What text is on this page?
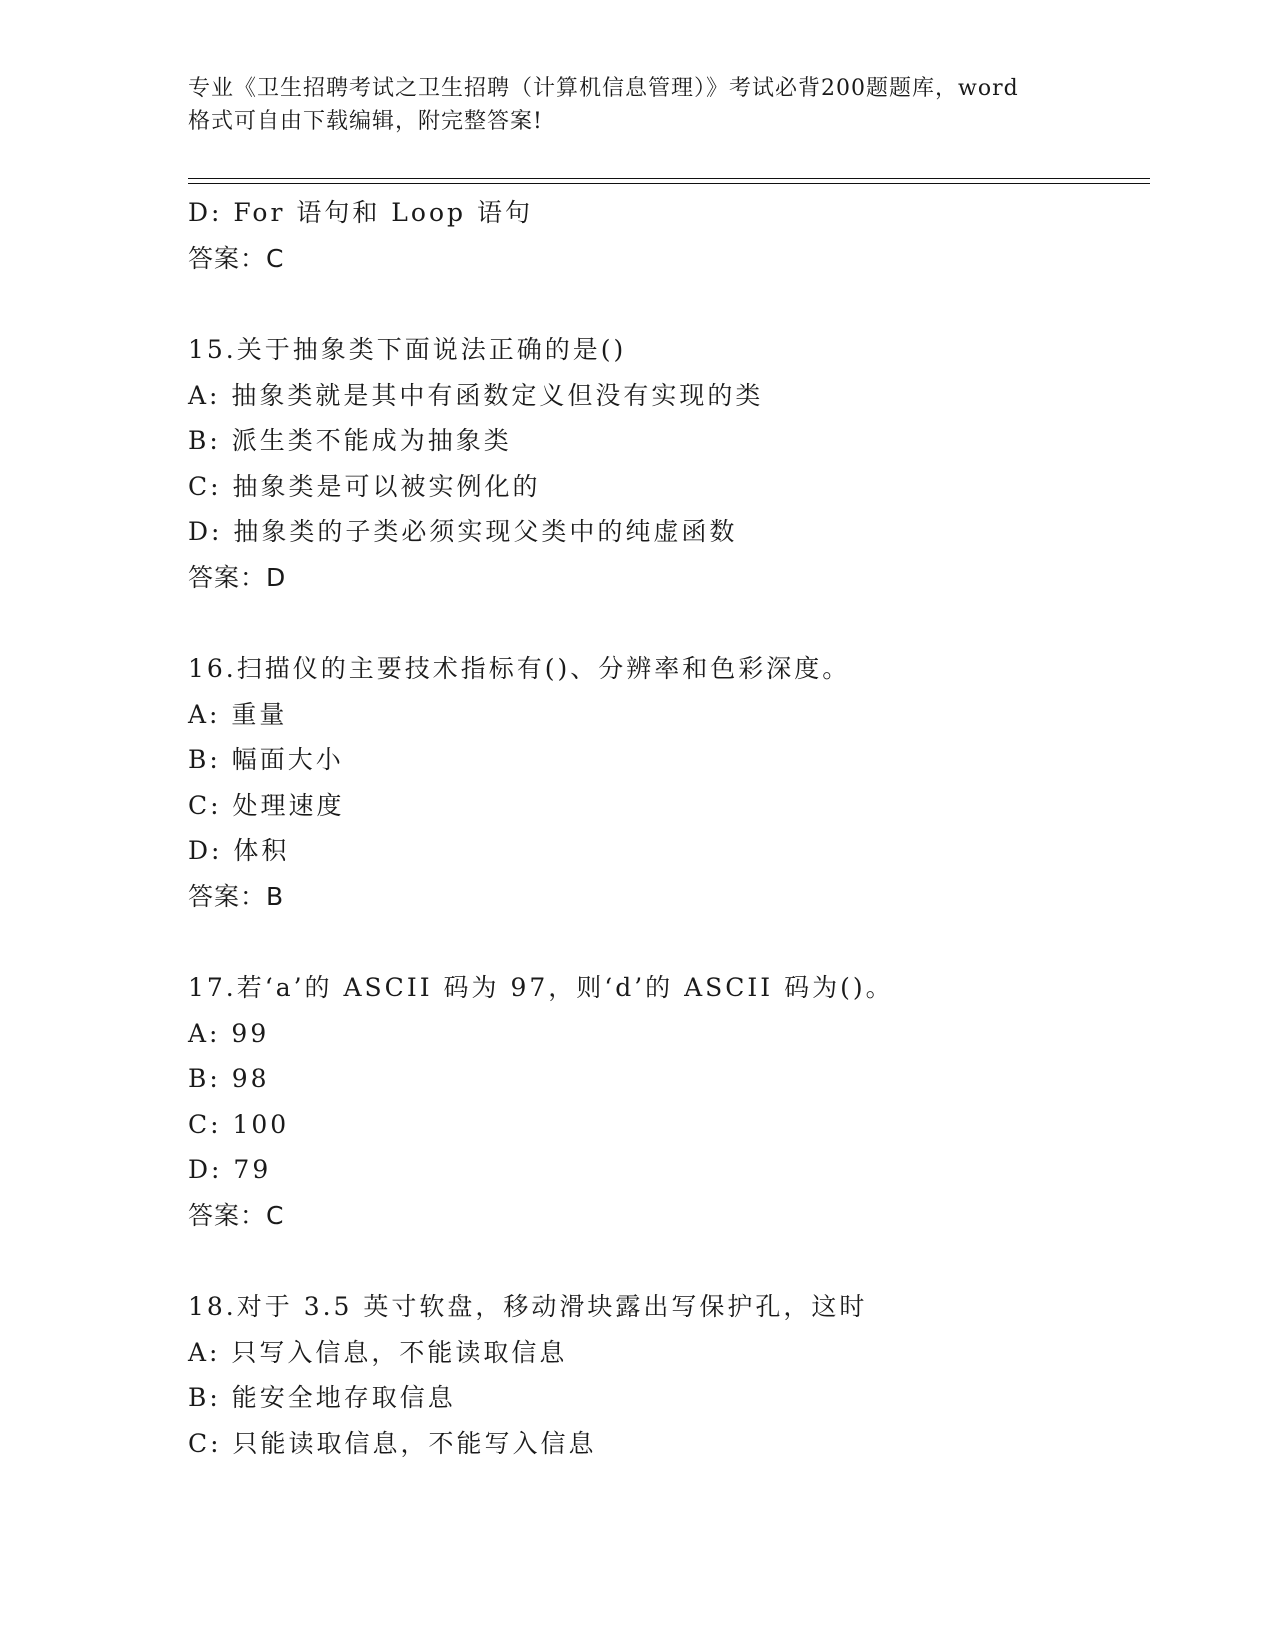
专业《卫生招聘考试之卫生招聘（计算机信息管理）》考试必背200题题库，word
格式可自由下载编辑，附完整答案!
D: For 语句和 Loop 语句
答案：C
15.关于抽象类下面说法正确的是()
A: 抽象类就是其中有函数定义但没有实现的类
B: 派生类不能成为抽象类
C: 抽象类是可以被实例化的
D: 抽象类的子类必须实现父类中的纯虚函数
答案：D
16.扫描仪的主要技术指标有()、分辨率和色彩深度。
A: 重量
B: 幅面大小
C: 处理速度
D: 体积
答案：B
17.若‘a’的 ASCII 码为 97，则‘d’的 ASCII 码为()。
A: 99
B: 98
C: 100
D: 79
答案：C
18.对于 3.5 英寸软盘，移动滑块露出写保护孔，这时
A: 只写入信息，不能读取信息
B: 能安全地存取信息
C: 只能读取信息，不能写入信息
